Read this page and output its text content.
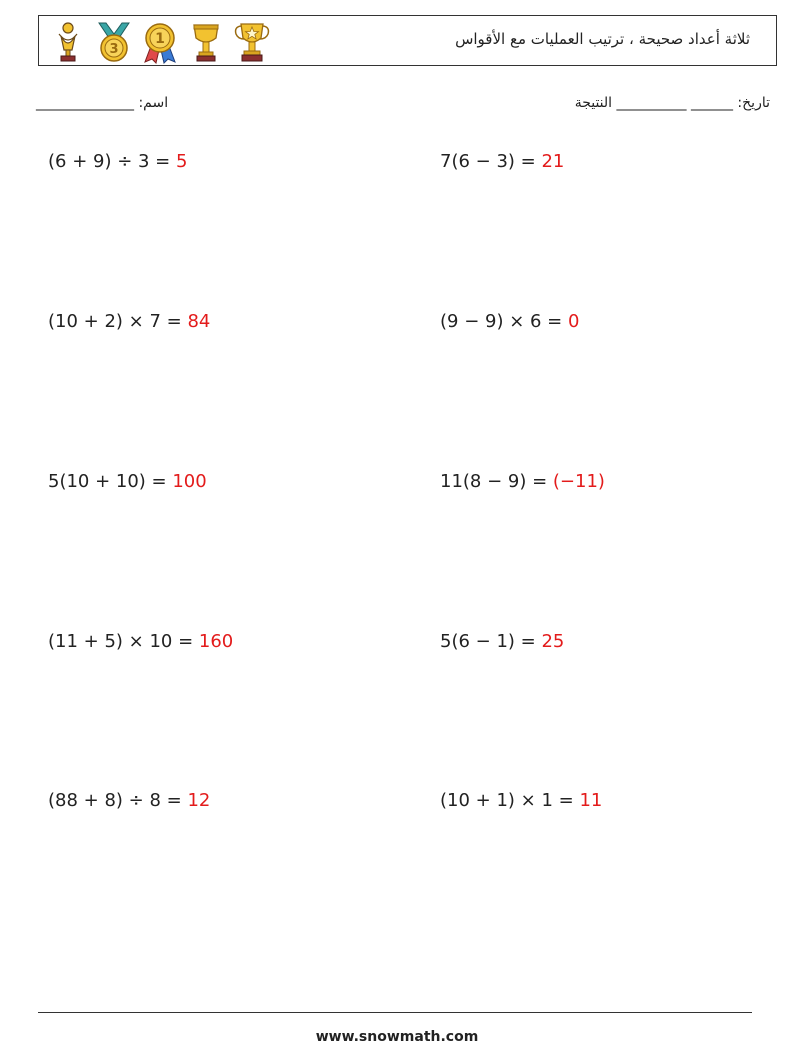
3
1	ثلاثة أعداد صحيحة ، ترتيب العمليات مع الأقواس
اسم: ______________	تاريخ: ______ __________ النتيجة
(6 + 9) ÷ 3 = 5	7(6 − 3) = 21
(10 + 2) × 7 = 84	(9 − 9) × 6 = 0
5(10 + 10) = 100	11(8 − 9) = (−11)
(11 + 5) × 10 = 160	5(6 − 1) = 25
(88 + 8) ÷ 8 = 12	(10 + 1) × 1 = 11
www.snowmath.com
